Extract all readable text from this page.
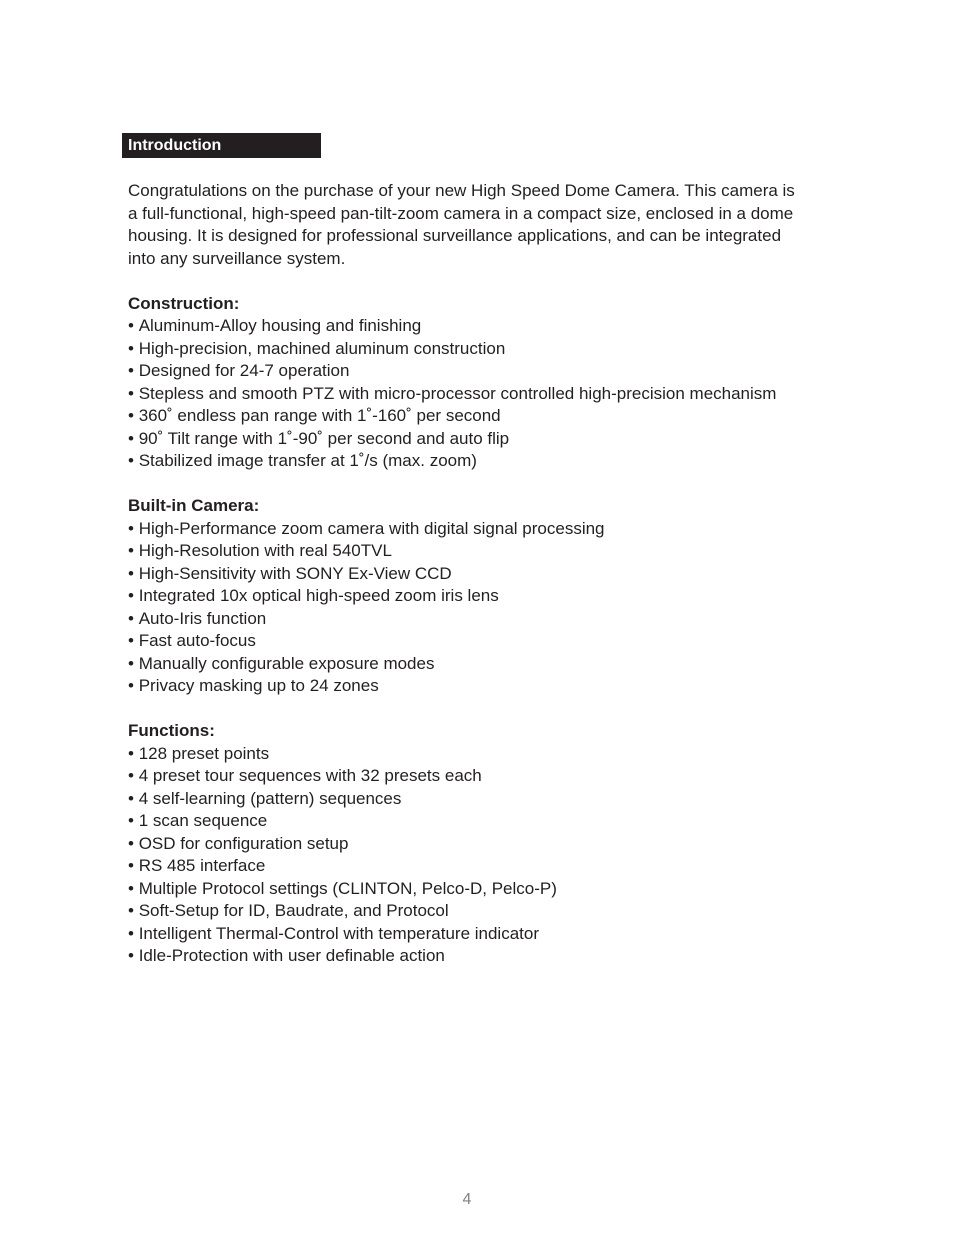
Introduction

Congratulations on the purchase of your new High Speed Dome Camera. This camera is a full-functional, high-speed pan-tilt-zoom camera in a compact size, enclosed in a dome housing. It is designed for professional surveillance applications, and can be integrated into any surveillance system.

Construction:

• Aluminum-Alloy housing and finishing
• High-precision, machined aluminum construction
• Designed for 24-7 operation
• Stepless and smooth PTZ with micro-processor controlled high-precision mechanism
• 360˚ endless pan range with 1˚-160˚ per second
• 90˚ Tilt range with 1˚-90˚ per second and auto flip
• Stabilized image transfer at 1˚/s (max. zoom)

Built-in Camera:

• High-Performance zoom camera with digital signal processing
• High-Resolution with real 540TVL
• High-Sensitivity with SONY Ex-View CCD
• Integrated 10x optical high-speed zoom iris lens
• Auto-Iris function
• Fast auto-focus
• Manually configurable exposure modes
• Privacy masking up to 24 zones

Functions:

• 128 preset points
• 4 preset tour sequences with 32 presets each
• 4 self-learning (pattern) sequences
• 1 scan sequence
• OSD for configuration setup
• RS 485 interface
• Multiple Protocol settings (CLINTON, Pelco-D, Pelco-P)
• Soft-Setup for ID, Baudrate, and Protocol
• Intelligent Thermal-Control with temperature indicator
• Idle-Protection with user definable action
4
